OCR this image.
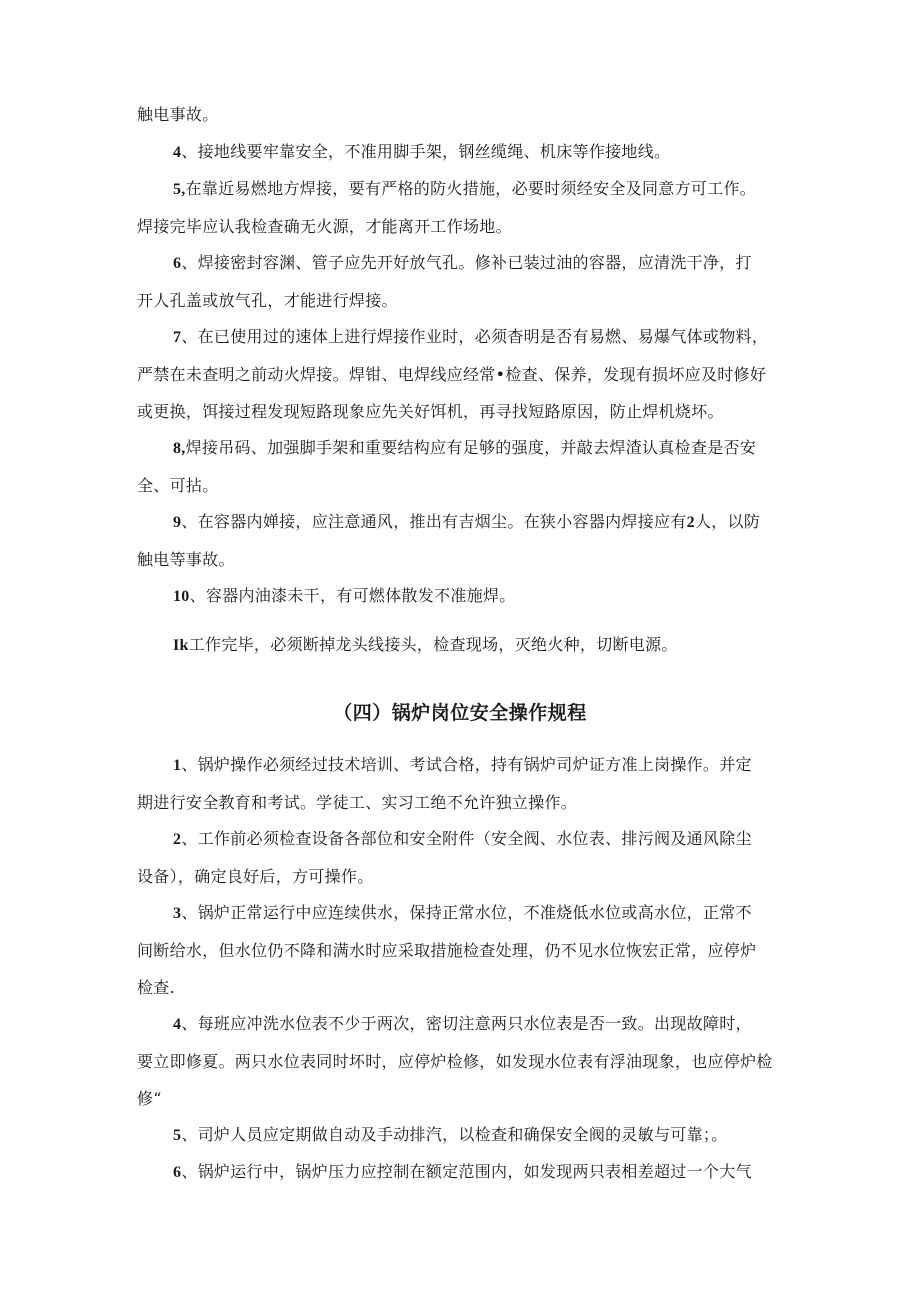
触电事故。

4、接地线要牢靠安全，不准用脚手架，钢丝缆绳、机床等作接地线。

5,在靠近易燃地方焊接，要有严格的防火措施，必要时须经安全及同意方可工作。
焊接完毕应认我检查确无火源，才能离开工作场地。

6、焊接密封容渊、管子应先开好放气孔。修补已装过油的容器，应清洗干净，打
开人孔盖或放气孔，才能进行焊接。

7、在已使用过的速体上进行焊接作业时，必须杳明是否有易燃、易爆气体或物料，
严禁在未查明之前动火焊接。焊钳、电焊线应经常•检查、保养，发现有损坏应及时修好
或更换，饵接过程发现短路现象应先关好饵机，再寻找短路原因，防止焊机烧坏。

8,焊接吊码、加强脚手架和重要结构应有足够的强度，并敲去焊渣认真检查是否安
全、可拈。

9、在容器内婵接，应注意通风，推出有吉烟尘。在狭小容器内焊接应有2人，以防
触电等事故。

10、容器内油漆未干，有可燃体散发不准施焊。

Ik工作完毕，必须断掉龙头线接头，检查现场，灭绝火种，切断电源。

（四）锅炉岗位安全操作规程

1、锅炉操作必须经过技术培训、考试合格，持有锅炉司炉证方准上岗操作。并定
期进行安全教育和考试。学徒工、实习工绝不允许独立操作。

2、工作前必须检查设备各部位和安全附件（安全阀、水位表、排污阀及通风除尘
设备），确定良好后，方可操作。

3、锅炉正常运行中应连续供水，保持正常水位，不准烧低水位或高水位，正常不
间断给水，但水位仍不降和满水时应采取措施检查处理，仍不见水位恢宏正常，应停炉
检查.

4、每班应冲洗水位表不少于两次，密切注意两只水位表是否一致。出现故障时，
要立即修夏。两只水位表同时坏时，应停炉检修，如发现水位表有浮油现象，也应停炉检
修“

5、司炉人员应定期做自动及手动排汽，以检查和确保安全阀的灵敏与可靠；。

6、锅炉运行中，锅炉压力应控制在额定范围内，如发现两只表相差超过一个大气
